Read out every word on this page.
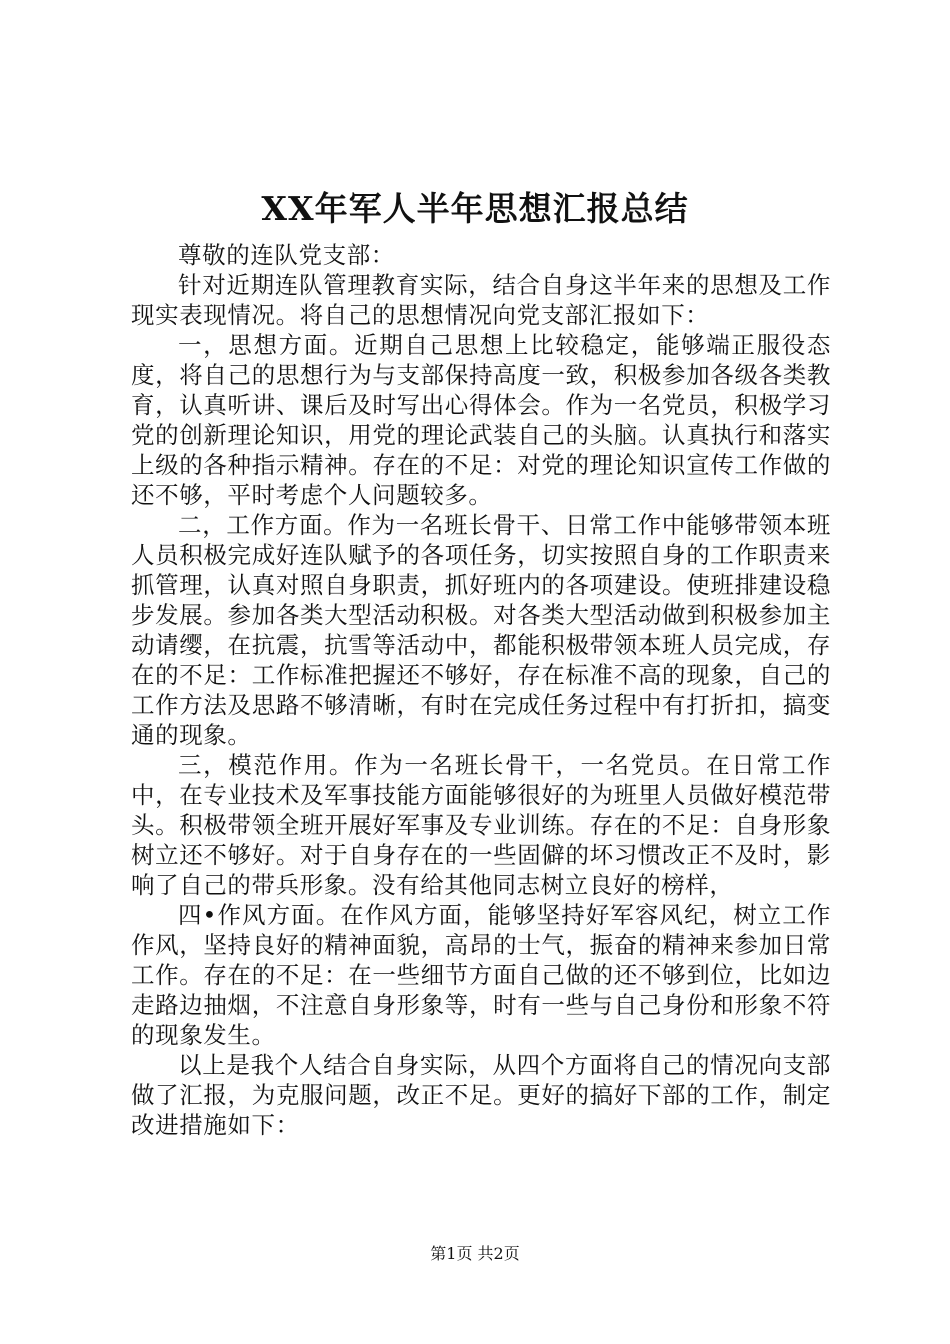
XX年军人半年思想汇报总结

尊敬的连队党支部：

针对近期连队管理教育实际，结合自身这半年来的思想及工作现实表现情况。将自己的思想情况向党支部汇报如下：

一，思想方面。近期自己思想上比较稳定，能够端正服役态度，将自己的思想行为与支部保持高度一致，积极参加各级各类教育，认真听讲、课后及时写出心得体会。作为一名党员，积极学习党的创新理论知识，用党的理论武装自己的头脑。认真执行和落实上级的各种指示精神。存在的不足：对党的理论知识宣传工作做的还不够，平时考虑个人问题较多。

二，工作方面。作为一名班长骨干、日常工作中能够带领本班人员积极完成好连队赋予的各项任务，切实按照自身的工作职责来抓管理，认真对照自身职责，抓好班内的各项建设。使班排建设稳步发展。参加各类大型活动积极。对各类大型活动做到积极参加主动请缨，在抗震，抗雪等活动中，都能积极带领本班人员完成，存在的不足：工作标准把握还不够好，存在标准不高的现象，自己的工作方法及思路不够清晰，有时在完成任务过程中有打折扣，搞变通的现象。

三，模范作用。作为一名班长骨干，一名党员。在日常工作中，在专业技术及军事技能方面能够很好的为班里人员做好模范带头。积极带领全班开展好军事及专业训练。存在的不足：自身形象树立还不够好。对于自身存在的一些固僻的坏习惯改正不及时，影响了自己的带兵形象。没有给其他同志树立良好的榜样，

四•作风方面。在作风方面，能够坚持好军容风纪，树立工作作风，坚持良好的精神面貌，高昂的士气，振奋的精神来参加日常工作。存在的不足：在一些细节方面自己做的还不够到位，比如边走路边抽烟，不注意自身形象等，时有一些与自己身份和形象不符的现象发生。

以上是我个人结合自身实际，从四个方面将自己的情况向支部做了汇报，为克服问题，改正不足。更好的搞好下部的工作，制定改进措施如下：

第1页 共2页
